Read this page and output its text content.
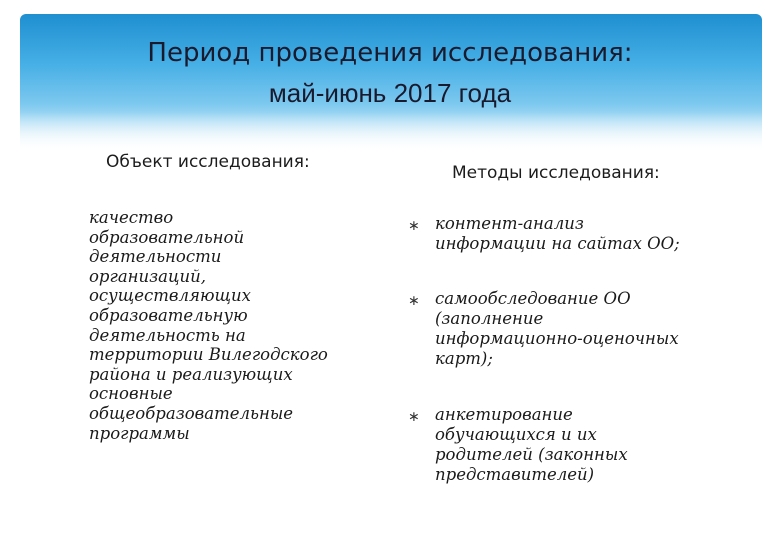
Период проведения исследования:
май-июнь 2017 года
Объект исследования:
качество
образовательной
деятельности
организаций,
осуществляющих
образовательную
деятельность на
территории Вилегодского
района и реализующих
основные
общеобразовательные
программы
Методы исследования:
∗ контент-анализ
информации на сайтах ОО;
∗ самообследование ОО
(заполнение
информационно-оценочных
карт);
∗ анкетирование
обучающихся и их
родителей (законных
представителей)
